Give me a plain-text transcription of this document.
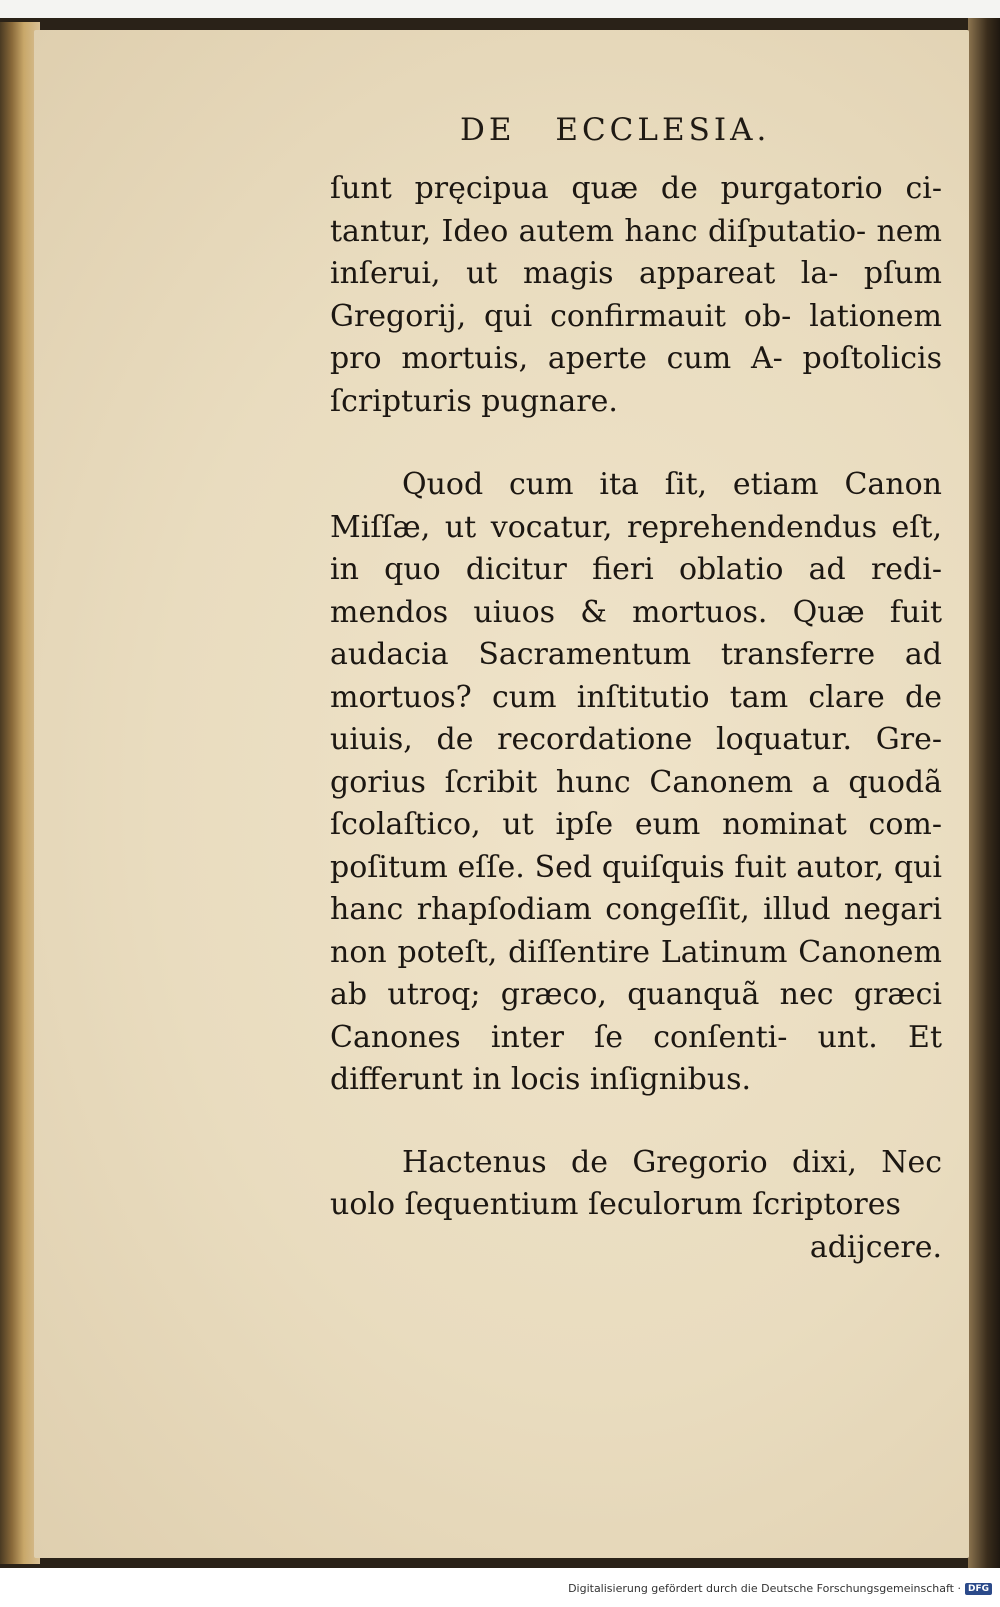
DE ECCLESIA.

ſunt pręcipua quæ de purgatorio ci- tantur, Ideo autem hanc diſputatio- nem inſerui, ut magis appareat la- pſum Gregorij, qui confirmauit ob- lationem pro mortuis, aperte cum A- poſtolicis ſcripturis pugnare.

Quod cum ita ſit, etiam Canon Miſſæ, ut vocatur, reprehendendus eſt, in quo dicitur fieri oblatio ad redi- mendos uiuos & mortuos. Quæ fuit audacia Sacramentum transferre ad mortuos? cum inſtitutio tam clare de uiuis, de recordatione loquatur. Gre- gorius ſcribit hunc Canonem a quodã ſcolaſtico, ut ipſe eum nominat com- poſitum eſſe. Sed quiſquis fuit autor, qui hanc rhapſodiam congeſſit, illud negari non poteſt, diſſentire Latinum Canonem ab utroq; græco, quanquã nec græci Canones inter ſe conſenti- unt. Et differunt in locis inſignibus.

Hactenus de Gregorio dixi, Nec uolo ſequentium ſeculorum ſcriptores

adijcere.

Digitalisierung gefördert durch die Deutsche Forschungsgemeinschaft · DFG
